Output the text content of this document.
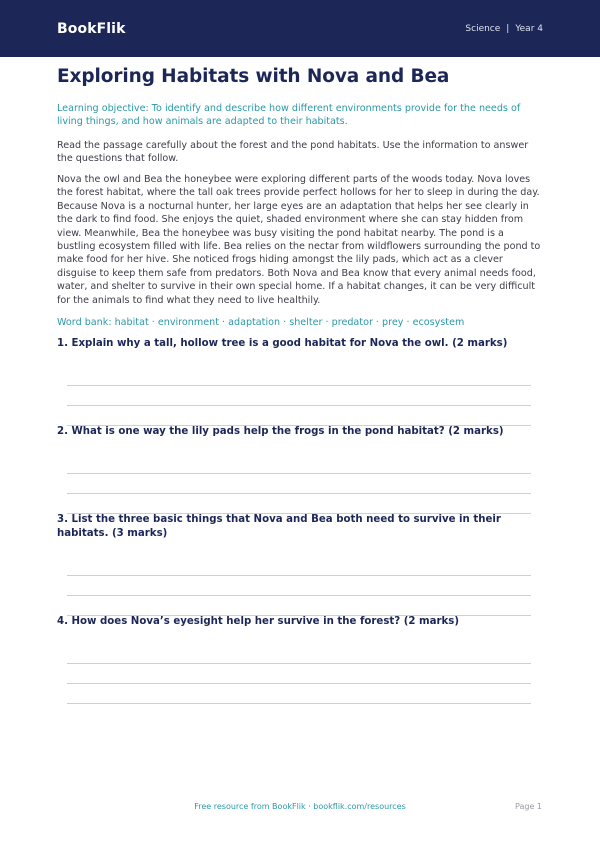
BookFlik	Science | Year 4
Exploring Habitats with Nova and Bea

Learning objective: To identify and describe how different environments provide for the needs of living things, and how animals are adapted to their habitats.

Read the passage carefully about the forest and the pond habitats. Use the information to answer the questions that follow.

Nova the owl and Bea the honeybee were exploring different parts of the woods today. Nova loves the forest habitat, where the tall oak trees provide perfect hollows for her to sleep in during the day. Because Nova is a nocturnal hunter, her large eyes are an adaptation that helps her see clearly in the dark to find food. She enjoys the quiet, shaded environment where she can stay hidden from view. Meanwhile, Bea the honeybee was busy visiting the pond habitat nearby. The pond is a bustling ecosystem filled with life. Bea relies on the nectar from wildflowers surrounding the pond to make food for her hive. She noticed frogs hiding amongst the lily pads, which act as a clever disguise to keep them safe from predators. Both Nova and Bea know that every animal needs food, water, and shelter to survive in their own special home. If a habitat changes, it can be very difficult for the animals to find what they need to live healthily.

Word bank: habitat · environment · adaptation · shelter · predator · prey · ecosystem

1. Explain why a tall, hollow tree is a good habitat for Nova the owl. (2 marks)

2. What is one way the lily pads help the frogs in the pond habitat? (2 marks)

3. List the three basic things that Nova and Bea both need to survive in their habitats. (3 marks)

4. How does Nova’s eyesight help her survive in the forest? (2 marks)

Free resource from BookFlik · bookflik.com/resources	Page 1
